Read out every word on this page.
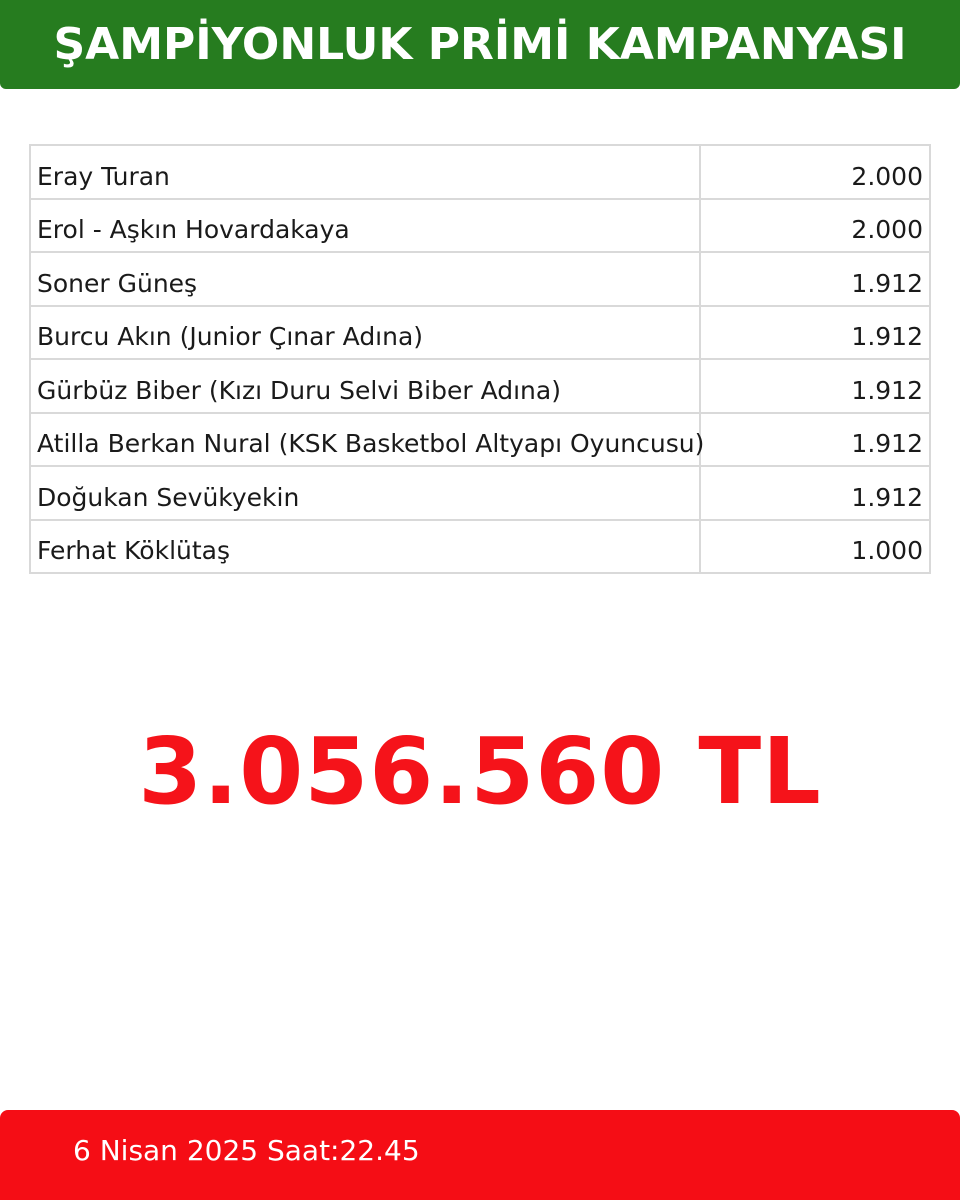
ŞAMPİYONLUK PRİMİ KAMPANYASI
Eray Turan	2.000
Erol - Aşkın Hovardakaya	2.000
Soner Güneş	1.912
Burcu Akın (Junior Çınar Adına)	1.912
Gürbüz Biber (Kızı Duru Selvi Biber Adına)	1.912
Atilla Berkan Nural (KSK Basketbol Altyapı Oyuncusu)	1.912
Doğukan Sevükyekin	1.912
Ferhat Köklütaş	1.000
3.056.560 TL
6 Nisan 2025 Saat:22.45
